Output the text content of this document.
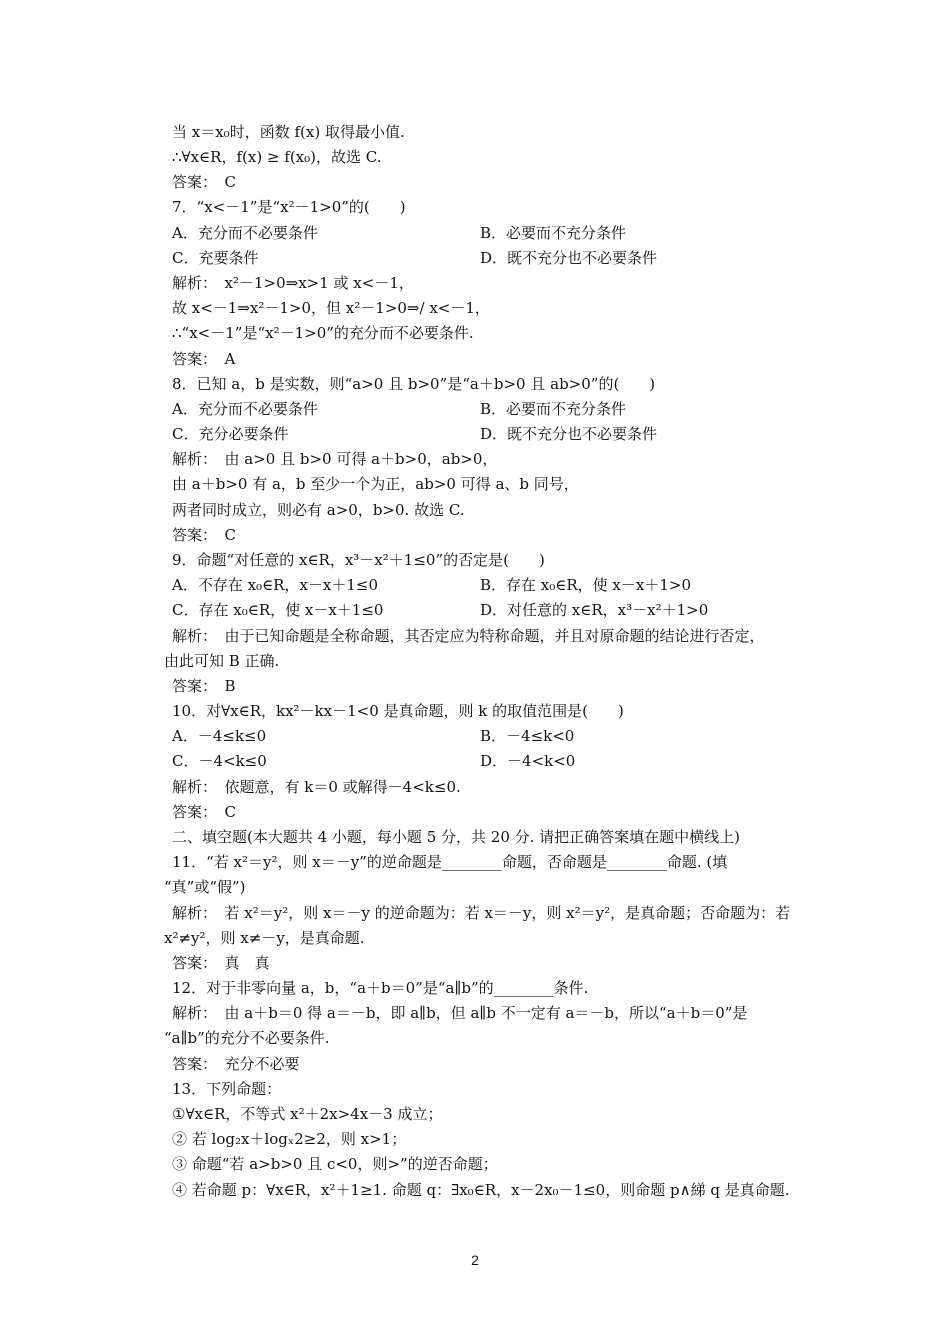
当 x＝x₀时，函数 f(x) 取得最小值.
∴∀x∈R，f(x) ≥ f(x₀)，故选 C.
答案：　C
7．“x<－1”是“x²－1>0”的(　　)
A．充分而不必要条件	B．必要而不充分条件
C．充要条件	D．既不充分也不必要条件
解析：　x²－1>0⇒x>1 或 x<－1，
故 x<－1⇒x²－1>0，但 x²－1>0⇒/ x<－1，
∴“x<－1”是“x²－1>0”的充分而不必要条件.
答案：　A
8．已知 a，b 是实数，则“a>0 且 b>0”是“a＋b>0 且 ab>0”的(　　)
A．充分而不必要条件	B．必要而不充分条件
C．充分必要条件	D．既不充分也不必要条件
解析：　由 a>0 且 b>0 可得 a＋b>0，ab>0，
由 a＋b>0 有 a，b 至少一个为正，ab>0 可得 a、b 同号，
两者同时成立，则必有 a>0，b>0. 故选 C.
答案：　C
9．命题“对任意的 x∈R，x³－x²＋1≤0”的否定是(　　)
A．不存在 x₀∈R，x－x＋1≤0	B．存在 x₀∈R，使 x－x＋1>0
C．存在 x₀∈R，使 x－x＋1≤0	D．对任意的 x∈R，x³－x²＋1>0
解析：　由于已知命题是全称命题，其否定应为特称命题，并且对原命题的结论进行否定，
由此可知 B 正确.
答案：　B
10．对∀x∈R，kx²－kx－1<0 是真命题，则 k 的取值范围是(　　)
A．－4≤k≤0	B．－4≤k<0
C．－4<k≤0	D．－4<k<0
解析：　依题意，有 k＝0 或解得－4<k≤0.
答案：　C
二、填空题(本大题共 4 小题，每小题 5 分，共 20 分. 请把正确答案填在题中横线上)
11．“若 x²＝y²，则 x＝－y”的逆命题是________命题，否命题是________命题. (填
“真”或“假”)
解析：　若 x²＝y²，则 x＝－y 的逆命题为：若 x＝－y，则 x²＝y²，是真命题；否命题为：若
x²≠y²，则 x≠－y，是真命题.
答案：　真　真
12．对于非零向量 a，b，“a＋b＝0”是“a∥b”的________条件.
解析：　由 a＋b＝0 得 a＝－b，即 a∥b，但 a∥b 不一定有 a＝－b，所以“a＋b＝0”是
“a∥b”的充分不必要条件.
答案：　充分不必要
13．下列命题：
①∀x∈R，不等式 x²＋2x>4x－3 成立；
② 若 log₂x＋logₓ2≥2，则 x>1；
③ 命题“若 a>b>0 且 c<0，则>”的逆否命题；
④ 若命题 p：∀x∈R，x²＋1≥1. 命题 q：∃x₀∈R，x－2x₀－1≤0，则命题 p∧綈 q 是真命题.
2
